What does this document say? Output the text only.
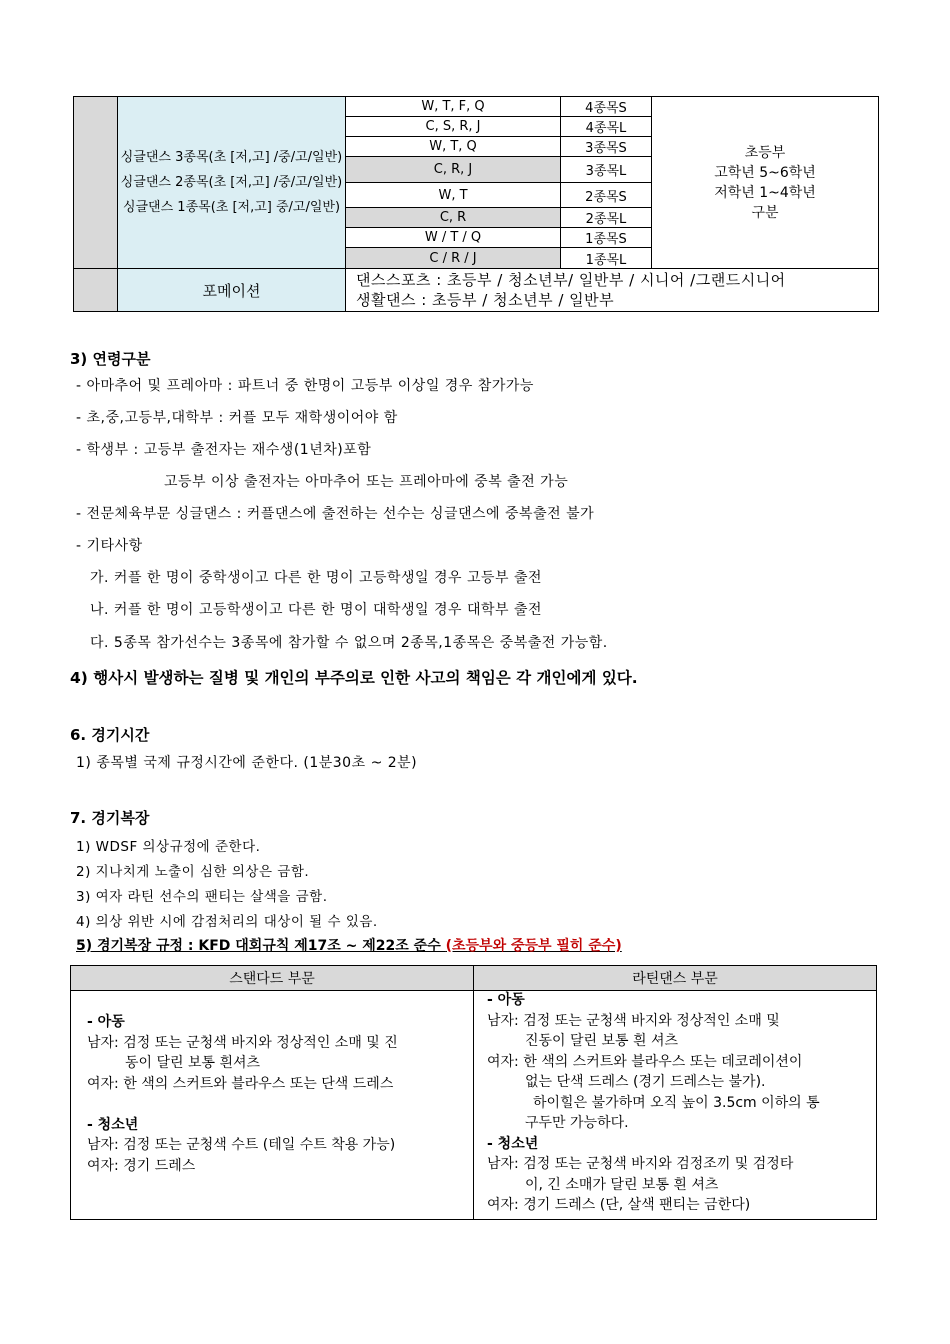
싱글댄스 3종목(초 [저,고] /중/고/일반)
싱글댄스 2종목(초 [저,고] /중/고/일반)
싱글댄스 1종목(초 [저,고] 중/고/일반)
W, T, F, Q	4종목S
C, S, R, J	4종목L
W, T, Q	3종목S
C, R, J	3종목L
W, T	2종목S
C, R	2종목L
W / T / Q	1종목S
C / R / J	1종목L
초등부
고학년 5~6학년
저학년 1~4학년
구분
포메이션
댄스스포츠 : 초등부 / 청소년부/ 일반부 / 시니어 /그랜드시니어
생활댄스 : 초등부 / 청소년부 / 일반부
3) 연령구분
- 아마추어 및 프레아마 : 파트너 중 한명이 고등부 이상일 경우 참가가능
- 초,중,고등부,대학부 : 커플 모두 재학생이어야 함
- 학생부 : 고등부 출전자는 재수생(1년차)포함
고등부 이상 출전자는 아마추어 또는 프레아마에 중복 출전 가능
- 전문체육부문 싱글댄스 : 커플댄스에 출전하는 선수는 싱글댄스에 중복출전 불가
- 기타사항
가. 커플 한 명이 중학생이고 다른 한 명이 고등학생일 경우 고등부 출전
나. 커플 한 명이 고등학생이고 다른 한 명이 대학생일 경우 대학부 출전
다. 5종목 참가선수는 3종목에 참가할 수 없으며 2종목,1종목은 중복출전 가능함.
4) 행사시 발생하는 질병 및 개인의 부주의로 인한 사고의 책임은 각 개인에게 있다.
6. 경기시간
1) 종목별 국제 규정시간에 준한다. (1분30초 ~ 2분)
7. 경기복장
1) WDSF 의상규정에 준한다.
2) 지나치게 노출이 심한 의상은 금함.
3) 여자 라틴 선수의 팬티는 살색을 금함.
4) 의상 위반 시에 감점처리의 대상이 될 수 있음.
5) 경기복장 규정 : KFD 대회규칙 제17조 ~ 제22조 준수 (초등부와 중등부 필히 준수)
스탠다드 부문	라틴댄스 부문
- 아동
남자: 검정 또는 군청색 바지와 정상적인 소매 및 진
동이 달린 보통 흰셔츠
여자: 한 색의 스커트와 블라우스 또는 단색 드레스
- 청소년
남자: 검정 또는 군청색 수트 (테일 수트 착용 가능)
여자: 경기 드레스
- 아동
남자: 검정 또는 군청색 바지와 정상적인 소매 및
진동이 달린 보통 흰 셔츠
여자: 한 색의 스커트와 블라우스 또는 데코레이션이
없는 단색 드레스 (경기 드레스는 불가).
하이힐은 불가하며 오직 높이 3.5cm 이하의 통
구두만 가능하다.
- 청소년
남자: 검정 또는 군청색 바지와 검정조끼 및 검정타
이, 긴 소매가 달린 보통 흰 셔츠
여자: 경기 드레스 (단, 살색 팬티는 금한다)
